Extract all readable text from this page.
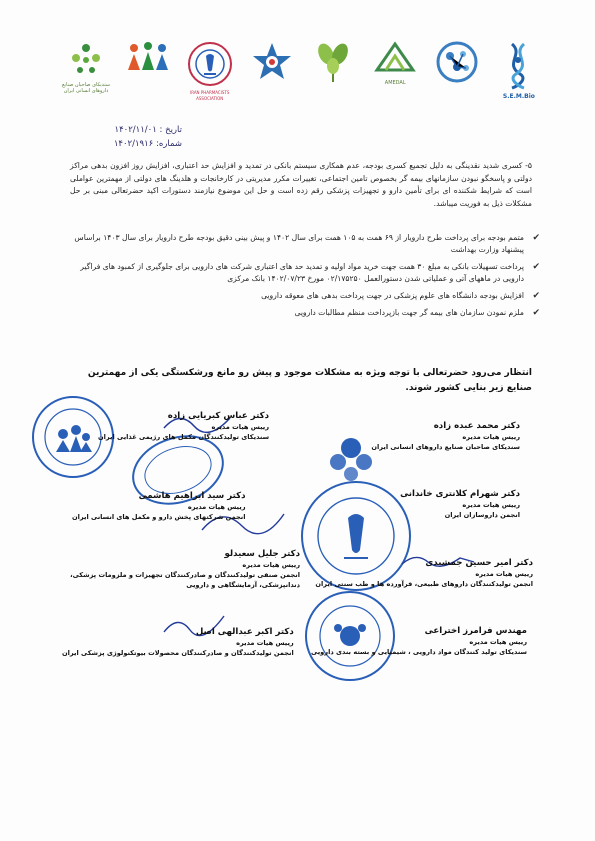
S.E.M.Bio
AMEDAL
IRAN PHARMACISTS ASSOCIATION
سندیکای صاحبان صنایع داروهای انسانی ایران
تاریخ : ۱۴۰۲/۱۱/۰۱
شماره: ۱۴۰۲/۱۹۱۶
۵- کسری شدید نقدینگی به دلیل تجمیع کسری بودجه، عدم همکاری سیستم بانکی در تمدید و افزایش حد اعتباری، افزایش روز افزون بدهی مراکز دولتی و پاسخگو نبودن سازمانهای بیمه گر بخصوص تامین اجتماعی، تغییرات مکرر مدیریتی در کارخانجات و هلدینگ های دولتی از مهمترین عواملی است که شرایط شکننده ای برای تأمین دارو و تجهیزات پزشکی رقم زده است و حل این موضوع نیازمند دستورات اکید حضرتعالی مبنی بر حل مشکلات ذیل به فوریت میباشد.
✔
متمم بودجه برای پرداخت طرح دارویار از ۶۹ همت به ۱۰۵ همت برای سال ۱۴۰۲ و پیش بینی دقیق بودجه طرح دارویار برای سال ۱۴۰۳ براساس پیشنهاد وزارت بهداشت
✔
پرداخت تسهیلات بانکی به مبلغ ۳۰ همت جهت خرید مواد اولیه و تمدید حد های اعتباری شرکت های دارویی برای جلوگیری از کمبود های فراگیر دارویی در ماههای آتی و عملیاتی شدن دستورالعمل ۰۲/۱۷۵۲۵۰ مورخ ۱۴۰۲/۰۷/۲۳ بانک مرکزی
✔
افزایش بودجه دانشگاه های علوم پزشکی در جهت پرداخت بدهی های معوقه دارویی
✔
ملزم نمودن سازمان های بیمه گر جهت بازپرداخت منظم مطالبات دارویی
انتظار می‌رود حضرتعالی با توجه ویژه به مشکلات موجود و پیش رو مانع ورشکستگی یکی از مهمترین صنایع زیر بنایی کشور شوند.
دکتر محمد عبده زاده
رییس هیات مدیره
سندیکای صاحبان صنایع داروهای انسانی ایران
دکتر شهرام کلانتری خاندانی
رییس هیات مدیره
انجمن داروسازان ایران
دکتر امیر حسین جمشیدی
رییس هیات مدیره
انجمن تولیدکنندگان داروهای طبیعی، فرآورده ها و طب سنتی ایران
مهندس فرامرز اختراعی
رییس هیات مدیره
سندیکای تولید کنندگان مواد دارویی ، شیمیایی و بسته بندی دارویی
دکتر عباس کبریایی زاده
رییس هیات مدیره
سندیکای تولیدکنندگان مکمل های رژیمی غذایی ایران
دکتر سید ابراهیم هاشمی
رییس هیات مدیره
انجمن شرکتهای پخش دارو و مکمل های انسانی ایران
دکتر جلیل سعیدلو
رییس هیات مدیره
انجمن صنفی تولیدکنندگان و صادرکنندگان تجهیزات و ملزومات پزشکی، دندانپزشکی، آزمایشگاهی و دارویی
دکتر اکبر عبدالهی اصل
رییس هیات مدیره
انجمن تولیدکنندگان و صادرکنندگان محصولات بیوتکنولوژی پزشکی ایران
